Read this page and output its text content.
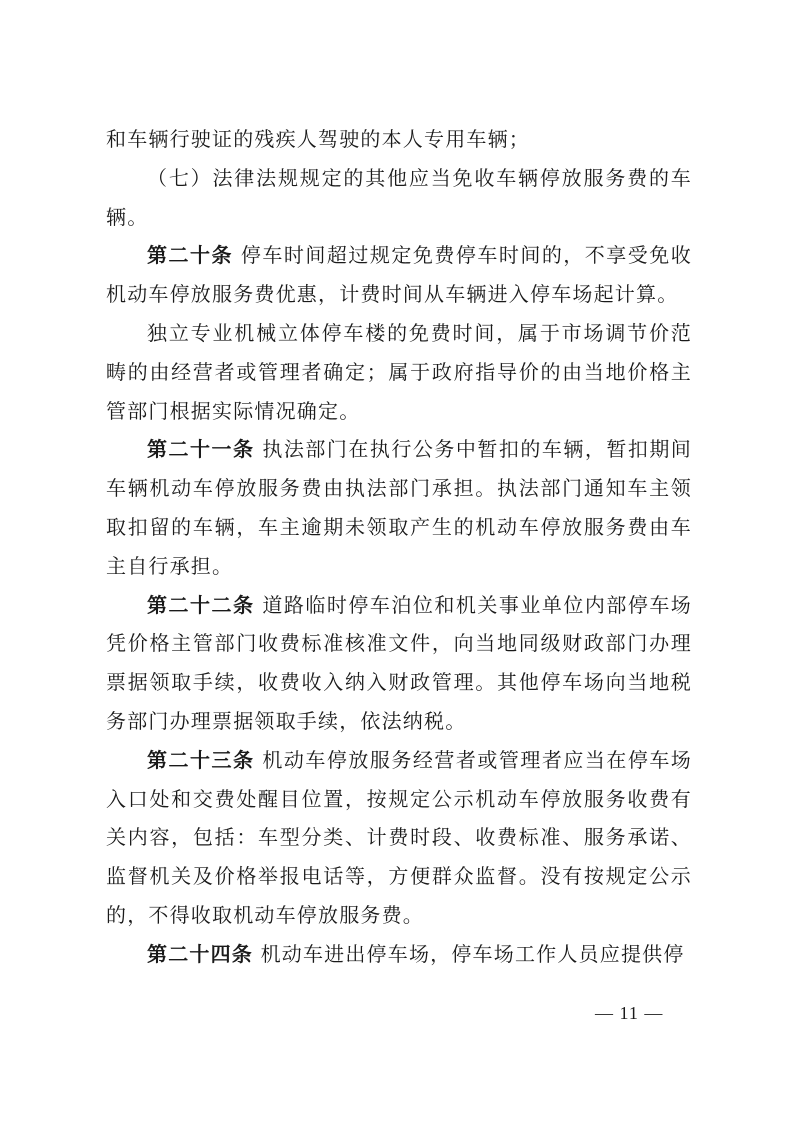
和车辆行驶证的残疾人驾驶的本人专用车辆；

（七）法律法规规定的其他应当免收车辆停放服务费的车辆。

第二十条 停车时间超过规定免费停车时间的，不享受免收机动车停放服务费优惠，计费时间从车辆进入停车场起计算。

独立专业机械立体停车楼的免费时间，属于市场调节价范畴的由经营者或管理者确定；属于政府指导价的由当地价格主管部门根据实际情况确定。

第二十一条 执法部门在执行公务中暂扣的车辆，暂扣期间车辆机动车停放服务费由执法部门承担。执法部门通知车主领取扣留的车辆，车主逾期未领取产生的机动车停放服务费由车主自行承担。

第二十二条 道路临时停车泊位和机关事业单位内部停车场凭价格主管部门收费标准核准文件，向当地同级财政部门办理票据领取手续，收费收入纳入财政管理。其他停车场向当地税务部门办理票据领取手续，依法纳税。

第二十三条 机动车停放服务经营者或管理者应当在停车场入口处和交费处醒目位置，按规定公示机动车停放服务收费有关内容，包括：车型分类、计费时段、收费标准、服务承诺、监督机关及价格举报电话等，方便群众监督。没有按规定公示的，不得收取机动车停放服务费。

第二十四条 机动车进出停车场，停车场工作人员应提供停

— 11 —
